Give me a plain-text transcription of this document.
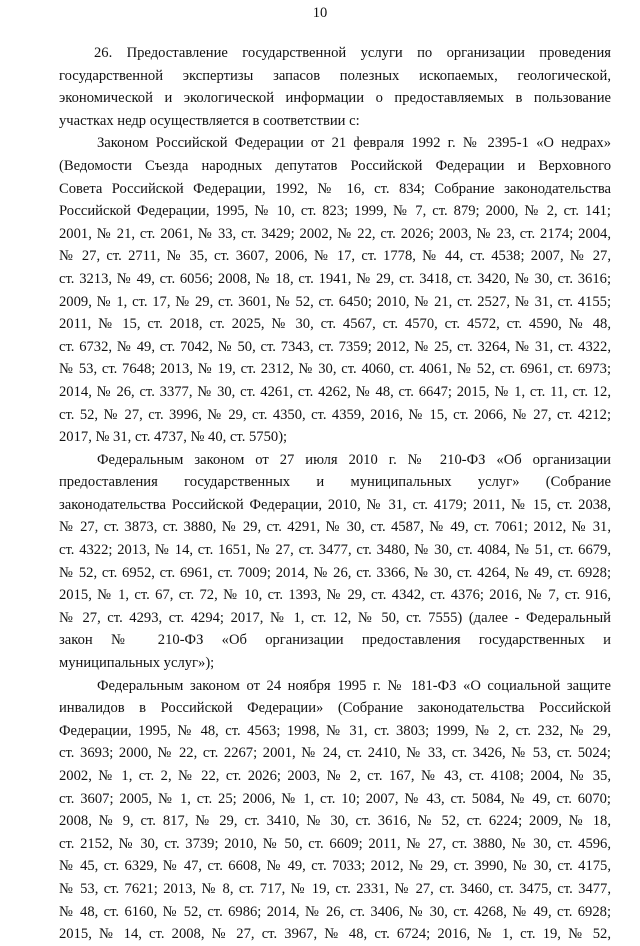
10
26. Предоставление государственной услуги по организации проведения
государственной экспертизы запасов полезных ископаемых, геологической,
экономической и экологической информации о предоставляемых в пользование
участках недр осуществляется в соответствии с:
Законом Российской Федерации от 21 февраля 1992 г. № 2395-1 «О недрах»
(Ведомости Съезда народных депутатов Российской Федерации и Верховного
Совета Российской Федерации, 1992, № 16, ст. 834; Собрание законодательства
Российской Федерации, 1995, № 10, ст. 823; 1999, № 7, ст. 879; 2000, № 2, ст. 141;
2001, № 21, ст. 2061, № 33, ст. 3429; 2002, № 22, ст. 2026; 2003, № 23, ст. 2174; 2004,
№ 27, ст. 2711, № 35, ст. 3607, 2006, № 17, ст. 1778, № 44, ст. 4538; 2007, № 27,
ст. 3213, № 49, ст. 6056; 2008, № 18, ст. 1941, № 29, ст. 3418, ст. 3420, № 30, ст. 3616;
2009, № 1, ст. 17, № 29, ст. 3601, № 52, ст. 6450; 2010, № 21, ст. 2527, № 31, ст. 4155;
2011, № 15, ст. 2018, ст. 2025, № 30, ст. 4567, ст. 4570, ст. 4572, ст. 4590, № 48,
ст. 6732, № 49, ст. 7042, № 50, ст. 7343, ст. 7359; 2012, № 25, ст. 3264, № 31, ст. 4322,
№ 53, ст. 7648; 2013, № 19, ст. 2312, № 30, ст. 4060, ст. 4061, № 52, ст. 6961, ст. 6973;
2014, № 26, ст. 3377, № 30, ст. 4261, ст. 4262, № 48, ст. 6647; 2015, № 1, ст. 11, ст. 12,
ст. 52, № 27, ст. 3996, № 29, ст. 4350, ст. 4359, 2016, № 15, ст. 2066, № 27, ст. 4212;
2017, № 31, ст. 4737, № 40, ст. 5750);
Федеральным законом от 27 июля 2010 г. № 210-ФЗ «Об организации
предоставления государственных и муниципальных услуг» (Собрание
законодательства Российской Федерации, 2010, № 31, ст. 4179; 2011, № 15, ст. 2038,
№ 27, ст. 3873, ст. 3880, № 29, ст. 4291, № 30, ст. 4587, № 49, ст. 7061; 2012, № 31,
ст. 4322; 2013, № 14, ст. 1651, № 27, ст. 3477, ст. 3480, № 30, ст. 4084, № 51, ст. 6679,
№ 52, ст. 6952, ст. 6961, ст. 7009; 2014, № 26, ст. 3366, № 30, ст. 4264, № 49, ст. 6928;
2015, № 1, ст. 67, ст. 72, № 10, ст. 1393, № 29, ст. 4342, ст. 4376; 2016, № 7, ст. 916,
№ 27, ст. 4293, ст. 4294; 2017, № 1, ст. 12, № 50, ст. 7555) (далее - Федеральный
закон № 210-ФЗ «Об организации предоставления государственных и
муниципальных услуг»);
Федеральным законом от 24 ноября 1995 г. № 181-ФЗ «О социальной защите
инвалидов в Российской Федерации» (Собрание законодательства Российской
Федерации, 1995, № 48, ст. 4563; 1998, № 31, ст. 3803; 1999, № 2, ст. 232, № 29,
ст. 3693; 2000, № 22, ст. 2267; 2001, № 24, ст. 2410, № 33, ст. 3426, № 53, ст. 5024;
2002, № 1, ст. 2, № 22, ст. 2026; 2003, № 2, ст. 167, № 43, ст. 4108; 2004, № 35,
ст. 3607; 2005, № 1, ст. 25; 2006, № 1, ст. 10; 2007, № 43, ст. 5084, № 49, ст. 6070;
2008, № 9, ст. 817, № 29, ст. 3410, № 30, ст. 3616, № 52, ст. 6224; 2009, № 18,
ст. 2152, № 30, ст. 3739; 2010, № 50, ст. 6609; 2011, № 27, ст. 3880, № 30, ст. 4596,
№ 45, ст. 6329, № 47, ст. 6608, № 49, ст. 7033; 2012, № 29, ст. 3990, № 30, ст. 4175,
№ 53, ст. 7621; 2013, № 8, ст. 717, № 19, ст. 2331, № 27, ст. 3460, ст. 3475, ст. 3477,
№ 48, ст. 6160, № 52, ст. 6986; 2014, № 26, ст. 3406, № 30, ст. 4268, № 49, ст. 6928;
2015, № 14, ст. 2008, № 27, ст. 3967, № 48, ст. 6724; 2016, № 1, ст. 19, № 52,
